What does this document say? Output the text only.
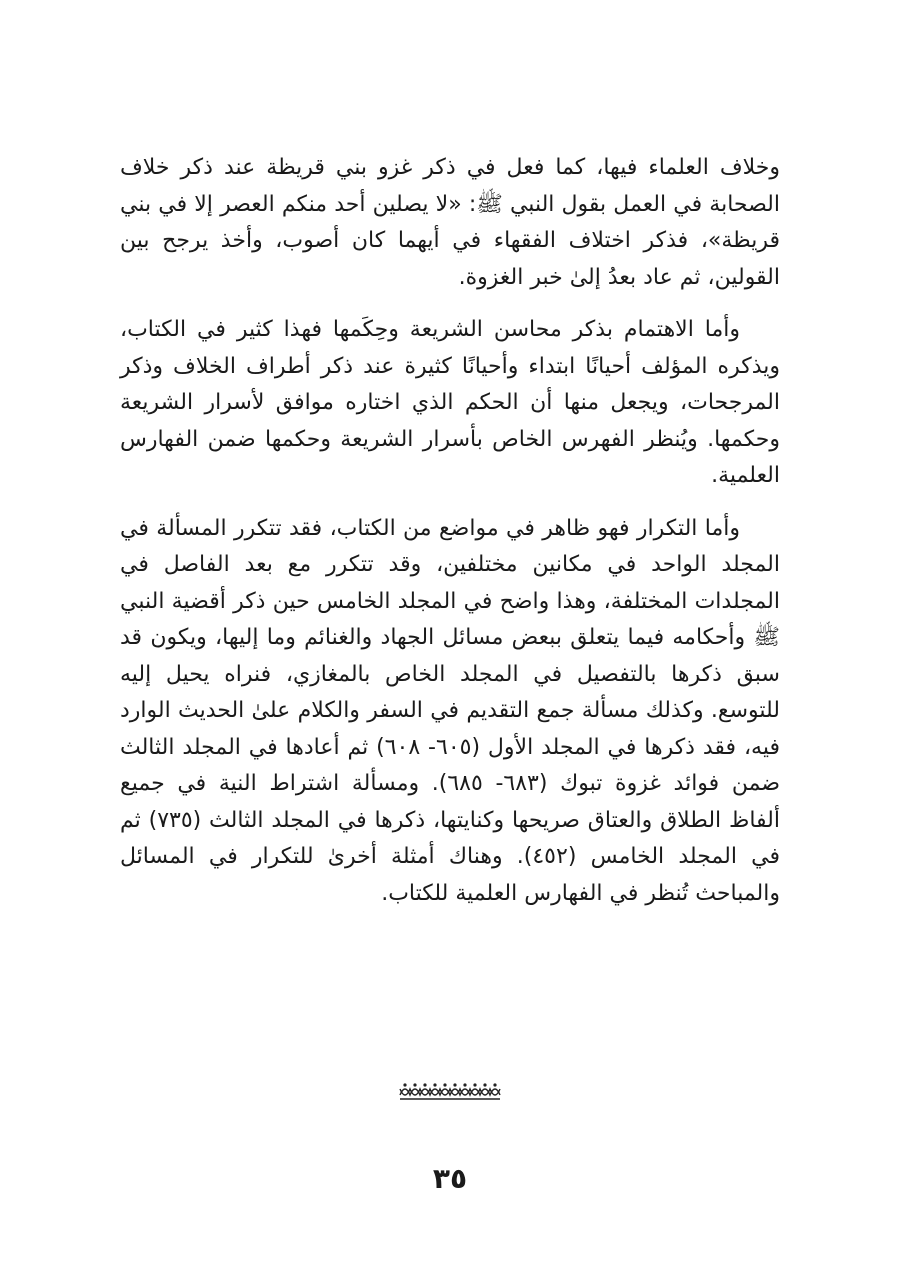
وخلاف العلماء فيها، كما فعل في ذكر غزو بني قريظة عند ذكر خلاف الصحابة في العمل بقول النبي ﷺ: «لا يصلين أحد منكم العصر إلا في بني قريظة»، فذكر اختلاف الفقهاء في أيهما كان أصوب، وأخذ يرجح بين القولين، ثم عاد بعدُ إلىٰ خبر الغزوة.

وأما الاهتمام بذكر محاسن الشريعة وحِكَمها فهذا كثير في الكتاب، ويذكره المؤلف أحيانًا ابتداء وأحيانًا كثيرة عند ذكر أطراف الخلاف وذكر المرجحات، ويجعل منها أن الحكم الذي اختاره موافق لأسرار الشريعة وحكمها. ويُنظر الفهرس الخاص بأسرار الشريعة وحكمها ضمن الفهارس العلمية.

وأما التكرار فهو ظاهر في مواضع من الكتاب، فقد تتكرر المسألة في المجلد الواحد في مكانين مختلفين، وقد تتكرر مع بعد الفاصل في المجلدات المختلفة، وهذا واضح في المجلد الخامس حين ذكر أقضية النبي ﷺ وأحكامه فيما يتعلق ببعض مسائل الجهاد والغنائم وما إليها، ويكون قد سبق ذكرها بالتفصيل في المجلد الخاص بالمغازي، فنراه يحيل إليه للتوسع. وكذلك مسألة جمع التقديم في السفر والكلام علىٰ الحديث الوارد فيه، فقد ذكرها في المجلد الأول (٦٠٥- ٦٠٨) ثم أعادها في المجلد الثالث ضمن فوائد غزوة تبوك (٦٨٣- ٦٨٥). ومسألة اشتراط النية في جميع ألفاظ الطلاق والعتاق صريحها وكنايتها، ذكرها في المجلد الثالث (٧٣٥) ثم في المجلد الخامس (٤٥٢). وهناك أمثلة أخرىٰ للتكرار في المسائل والمباحث تُنظر في الفهارس العلمية للكتاب.

٣٥
